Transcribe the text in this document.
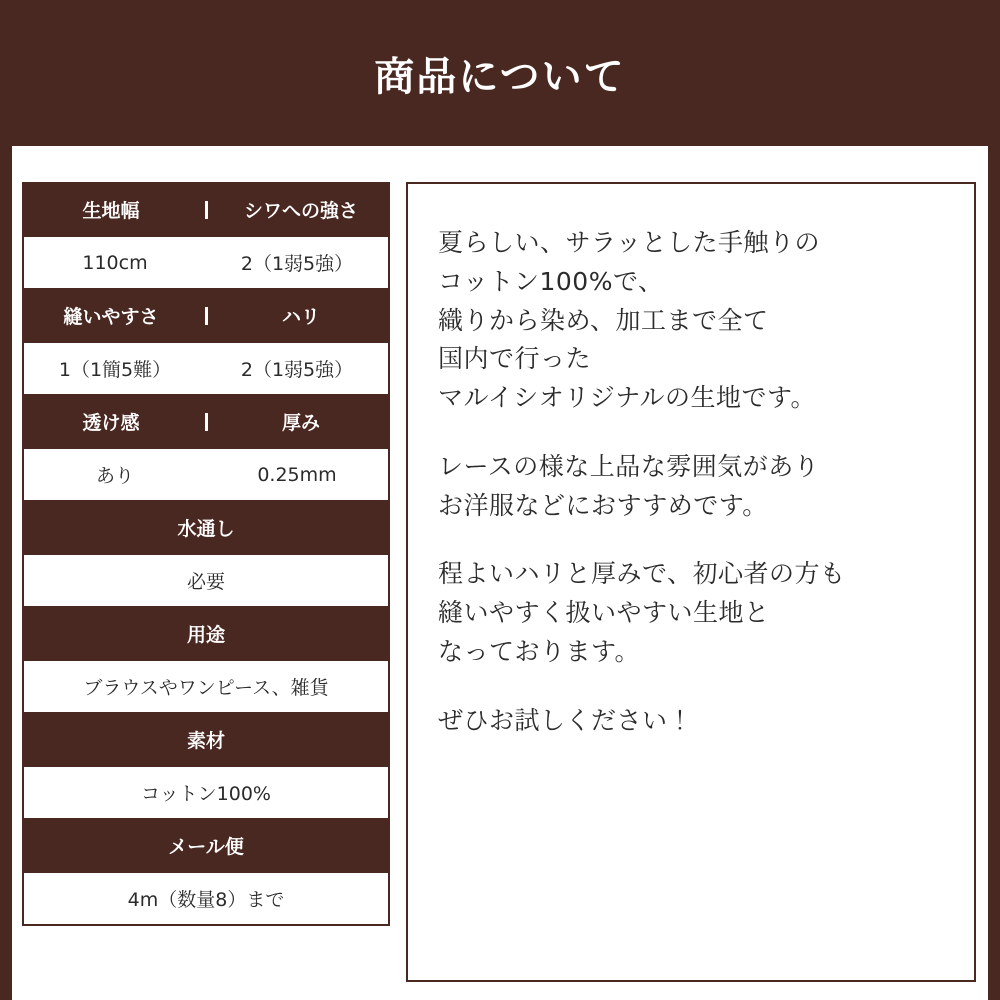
商品について
生地幅	シワへの強さ
110cm	2（1弱5強）
縫いやすさ	ハリ
1（1簡5難）	2（1弱5強）
透け感	厚み
あり	0.25mm
水通し
必要
用途
ブラウスやワンピース、雑貨
素材
コットン100%
メール便
4m（数量8）まで

夏らしい、サラッとした手触りの
コットン100%で、
織りから染め、加工まで全て
国内で行った
マルイシオリジナルの生地です。

レースの様な上品な雰囲気があり
お洋服などにおすすめです。

程よいハリと厚みで、初心者の方も
縫いやすく扱いやすい生地と
なっております。

ぜひお試しください！
